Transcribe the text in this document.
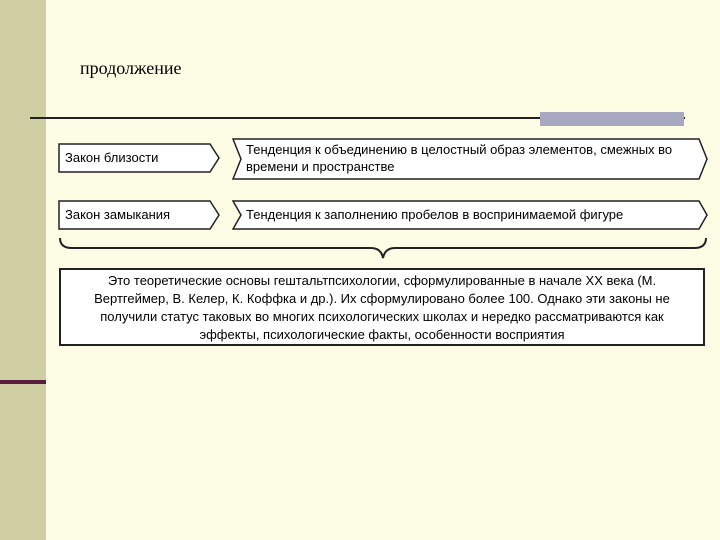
продолжение
Закон близости
Тенденция к объединению в целостный образ элементов, смежных во времени и пространстве
Закон замыкания	Тенденция к заполнению пробелов в воспринимаемой фигуре
Это теоретические основы гештальтпсихологии, сформулированные в начале XX века (М. Вертгеймер, В. Келер, К. Коффка и др.). Их сформулировано более 100. Однако эти законы не получили статус таковых во многих психологических школах и нередко рассматриваются как эффекты, психологические факты, особенности восприятия
